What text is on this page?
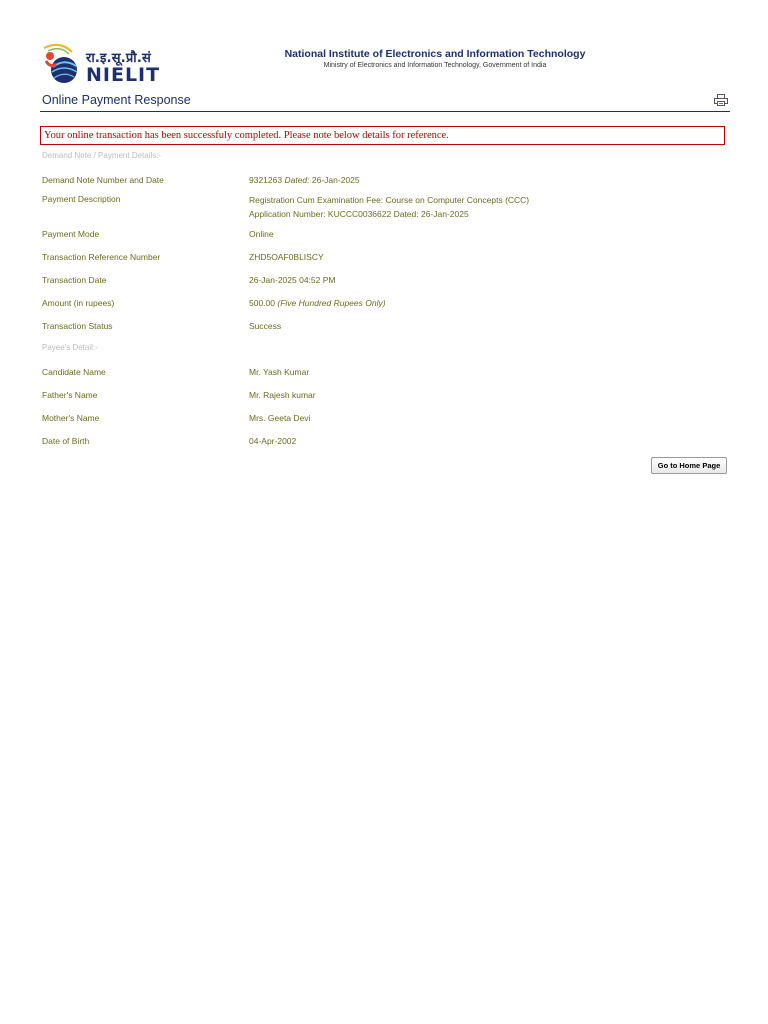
रा.इ.सू.प्रौ.सं
NIELIT
National Institute of Electronics and Information Technology
Ministry of Electronics and Information Technology, Government of India
Online Payment Response
Your online transaction has been successfuly completed. Please note below details for reference.
Demand Note / Payment Details:-
Demand Note Number and Date	9321263 Dated: 26-Jan-2025
Payment Description	Registration Cum Examination Fee: Course on Computer Concepts (CCC)
Application Number: KUCCC0036622 Dated: 26-Jan-2025
Payment Mode	Online
Transaction Reference Number	ZHD5OAF0BLISCY
Transaction Date	26-Jan-2025 04:52 PM
Amount (in rupees)	500.00 (Five Hundred Rupees Only)
Transaction Status	Success
Payee's Detail:-
Candidate Name	Mr. Yash Kumar
Father's Name	Mr. Rajesh kumar
Mother's Name	Mrs. Geeta Devi
Date of Birth	04-Apr-2002
Go to Home Page
